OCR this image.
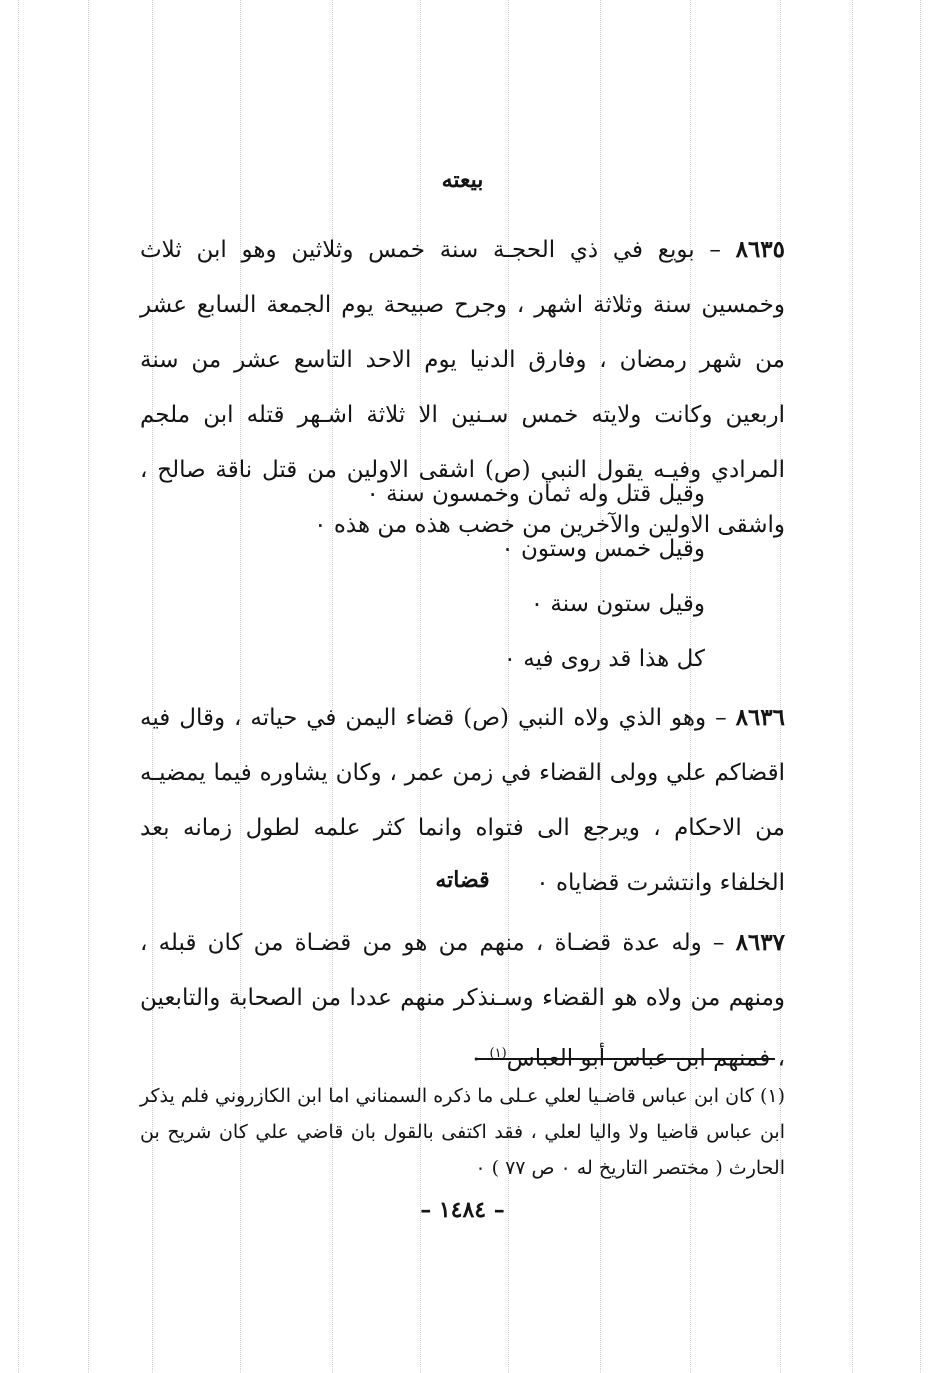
بيعته

٨٦٣٥ – بويع في ذي الحجـة سنة خمس وثلاثين وهو ابن ثلاث وخمسين سنة وثلاثة اشهر ، وجرح صبيحة يوم الجمعة السابع عشر من شهر رمضان ، وفارق الدنيا يوم الاحد التاسع عشر من سنة اربعين وكانت ولايته خمس سـنين الا ثلاثة اشـهر قتله ابن ملجم المرادي وفيـه يقول النبي (ص) اشقى الاولين من قتل ناقة صالح ، واشقى الاولين والآخرين من خضب هذه من هذه ٠

وقيل قتل وله ثمان وخمسون سنة ٠

وقيل خمس وستون ٠

وقيل ستون سنة ٠

كل هذا قد روى فيه ٠

٨٦٣٦ – وهو الذي ولاه النبي (ص) قضاء اليمن في حياته ، وقال فيه اقضاكم علي وولى القضاء في زمن عمر ، وكان يشاوره فيما يمضيـه من الاحكام ، ويرجع الى فتواه وانما كثر علمه لطول زمانه بعد الخلفاء وانتشرت قضاياه ٠

قضاته

٨٦٣٧ – وله عدة قضـاة ، منهم من هو من قضـاة من كان قبله ، ومنهم من ولاه هو القضاء وسـنذكر منهم عددا من الصحابة والتابعين ، فمنهم ابن عباس أبو العباس$^{(١)}$ ٠

(١) كان ابن عباس قاضـيا لعلي عـلى ما ذكره السمناني اما ابن الكازروني فلم يذكر ابن عباس قاضيا ولا واليا لعلي ، فقد اكتفى بالقول بان قاضي علي كان شريح بن الحارث ( مختصر التاريخ له ٠ ص ٧٧ ) ٠

– ١٤٨٤ –
